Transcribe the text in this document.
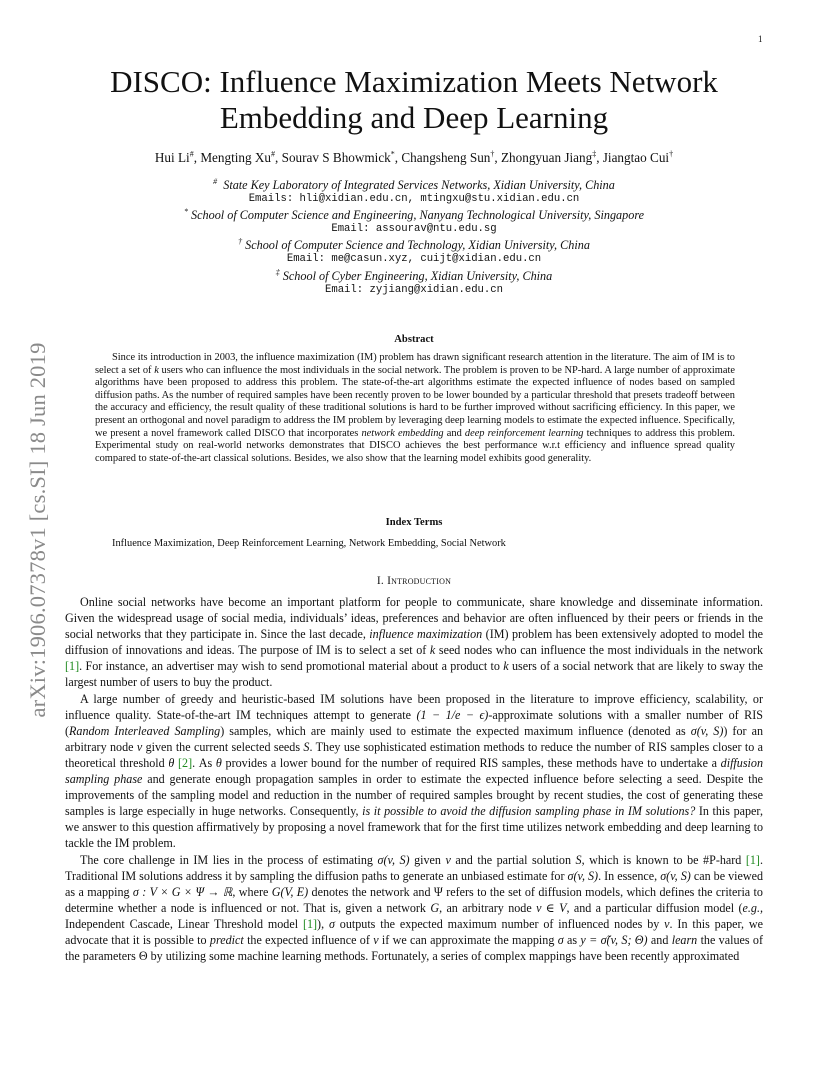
1
arXiv:1906.07378v1 [cs.SI] 18 Jun 2019
DISCO: Influence Maximization Meets Network
Embedding and Deep Learning
Hui Li#, Mengting Xu#, Sourav S Bhowmick*, Changsheng Sun†, Zhongyuan Jiang‡, Jiangtao Cui†
# State Key Laboratory of Integrated Services Networks, Xidian University, China
Emails: hli@xidian.edu.cn, mtingxu@stu.xidian.edu.cn
* School of Computer Science and Engineering, Nanyang Technological University, Singapore
Email: assourav@ntu.edu.sg
† School of Computer Science and Technology, Xidian University, China
Email: me@casun.xyz, cuijt@xidian.edu.cn
‡ School of Cyber Engineering, Xidian University, China
Email: zyjiang@xidian.edu.cn
Abstract

Since its introduction in 2003, the influence maximization (IM) problem has drawn significant research attention in the literature. The aim of IM is to select a set of k users who can influence the most individuals in the social network. The problem is proven to be NP-hard. A large number of approximate algorithms have been proposed to address this problem. The state-of-the-art algorithms estimate the expected influence of nodes based on sampled diffusion paths. As the number of required samples have been recently proven to be lower bounded by a particular threshold that presets tradeoff between the accuracy and efficiency, the result quality of these traditional solutions is hard to be further improved without sacrificing efficiency. In this paper, we present an orthogonal and novel paradigm to address the IM problem by leveraging deep learning models to estimate the expected influence. Specifically, we present a novel framework called DISCO that incorporates network embedding and deep reinforcement learning techniques to address this problem. Experimental study on real-world networks demonstrates that DISCO achieves the best performance w.r.t efficiency and influence spread quality compared to state-of-the-art classical solutions. Besides, we also show that the learning model exhibits good generality.

Index Terms

Influence Maximization, Deep Reinforcement Learning, Network Embedding, Social Network

I. Introduction

Online social networks have become an important platform for people to communicate, share knowledge and disseminate information. Given the widespread usage of social media, individuals’ ideas, preferences and behavior are often influenced by their peers or friends in the social networks that they participate in. Since the last decade, influence maximization (IM) problem has been extensively adopted to model the diffusion of innovations and ideas. The purpose of IM is to select a set of k seed nodes who can influence the most individuals in the network [1]. For instance, an advertiser may wish to send promotional material about a product to k users of a social network that are likely to sway the largest number of users to buy the product.

A large number of greedy and heuristic-based IM solutions have been proposed in the literature to improve efficiency, scalability, or influence quality. State-of-the-art IM techniques attempt to generate (1 − 1/e − ϵ)-approximate solutions with a smaller number of RIS (Random Interleaved Sampling) samples, which are mainly used to estimate the expected maximum influence (denoted as σ(v, S)) for an arbitrary node v given the current selected seeds S. They use sophisticated estimation methods to reduce the number of RIS samples closer to a theoretical threshold θ [2]. As θ provides a lower bound for the number of required RIS samples, these methods have to undertake a diffusion sampling phase and generate enough propagation samples in order to estimate the expected influence before selecting a seed. Despite the improvements of the sampling model and reduction in the number of required samples brought by recent studies, the cost of generating these samples is large especially in huge networks. Consequently, is it possible to avoid the diffusion sampling phase in IM solutions? In this paper, we answer to this question affirmatively by proposing a novel framework that for the first time utilizes network embedding and deep learning to tackle the IM problem.

The core challenge in IM lies in the process of estimating σ(v, S) given v and the partial solution S, which is known to be #P-hard [1]. Traditional IM solutions address it by sampling the diffusion paths to generate an unbiased estimate for σ(v, S). In essence, σ(v, S) can be viewed as a mapping σ : V × G × Ψ → ℝ, where G(V, E) denotes the network and Ψ refers to the set of diffusion models, which defines the criteria to determine whether a node is influenced or not. That is, given a network G, an arbitrary node v ∈ V, and a particular diffusion model (e.g., Independent Cascade, Linear Threshold model [1]), σ outputs the expected maximum number of influenced nodes by v. In this paper, we advocate that it is possible to predict the expected influence of v if we can approximate the mapping σ as y = σ̃(v, S; Θ) and learn the values of the parameters Θ by utilizing some machine learning methods. Fortunately, a series of complex mappings have been recently approximated
